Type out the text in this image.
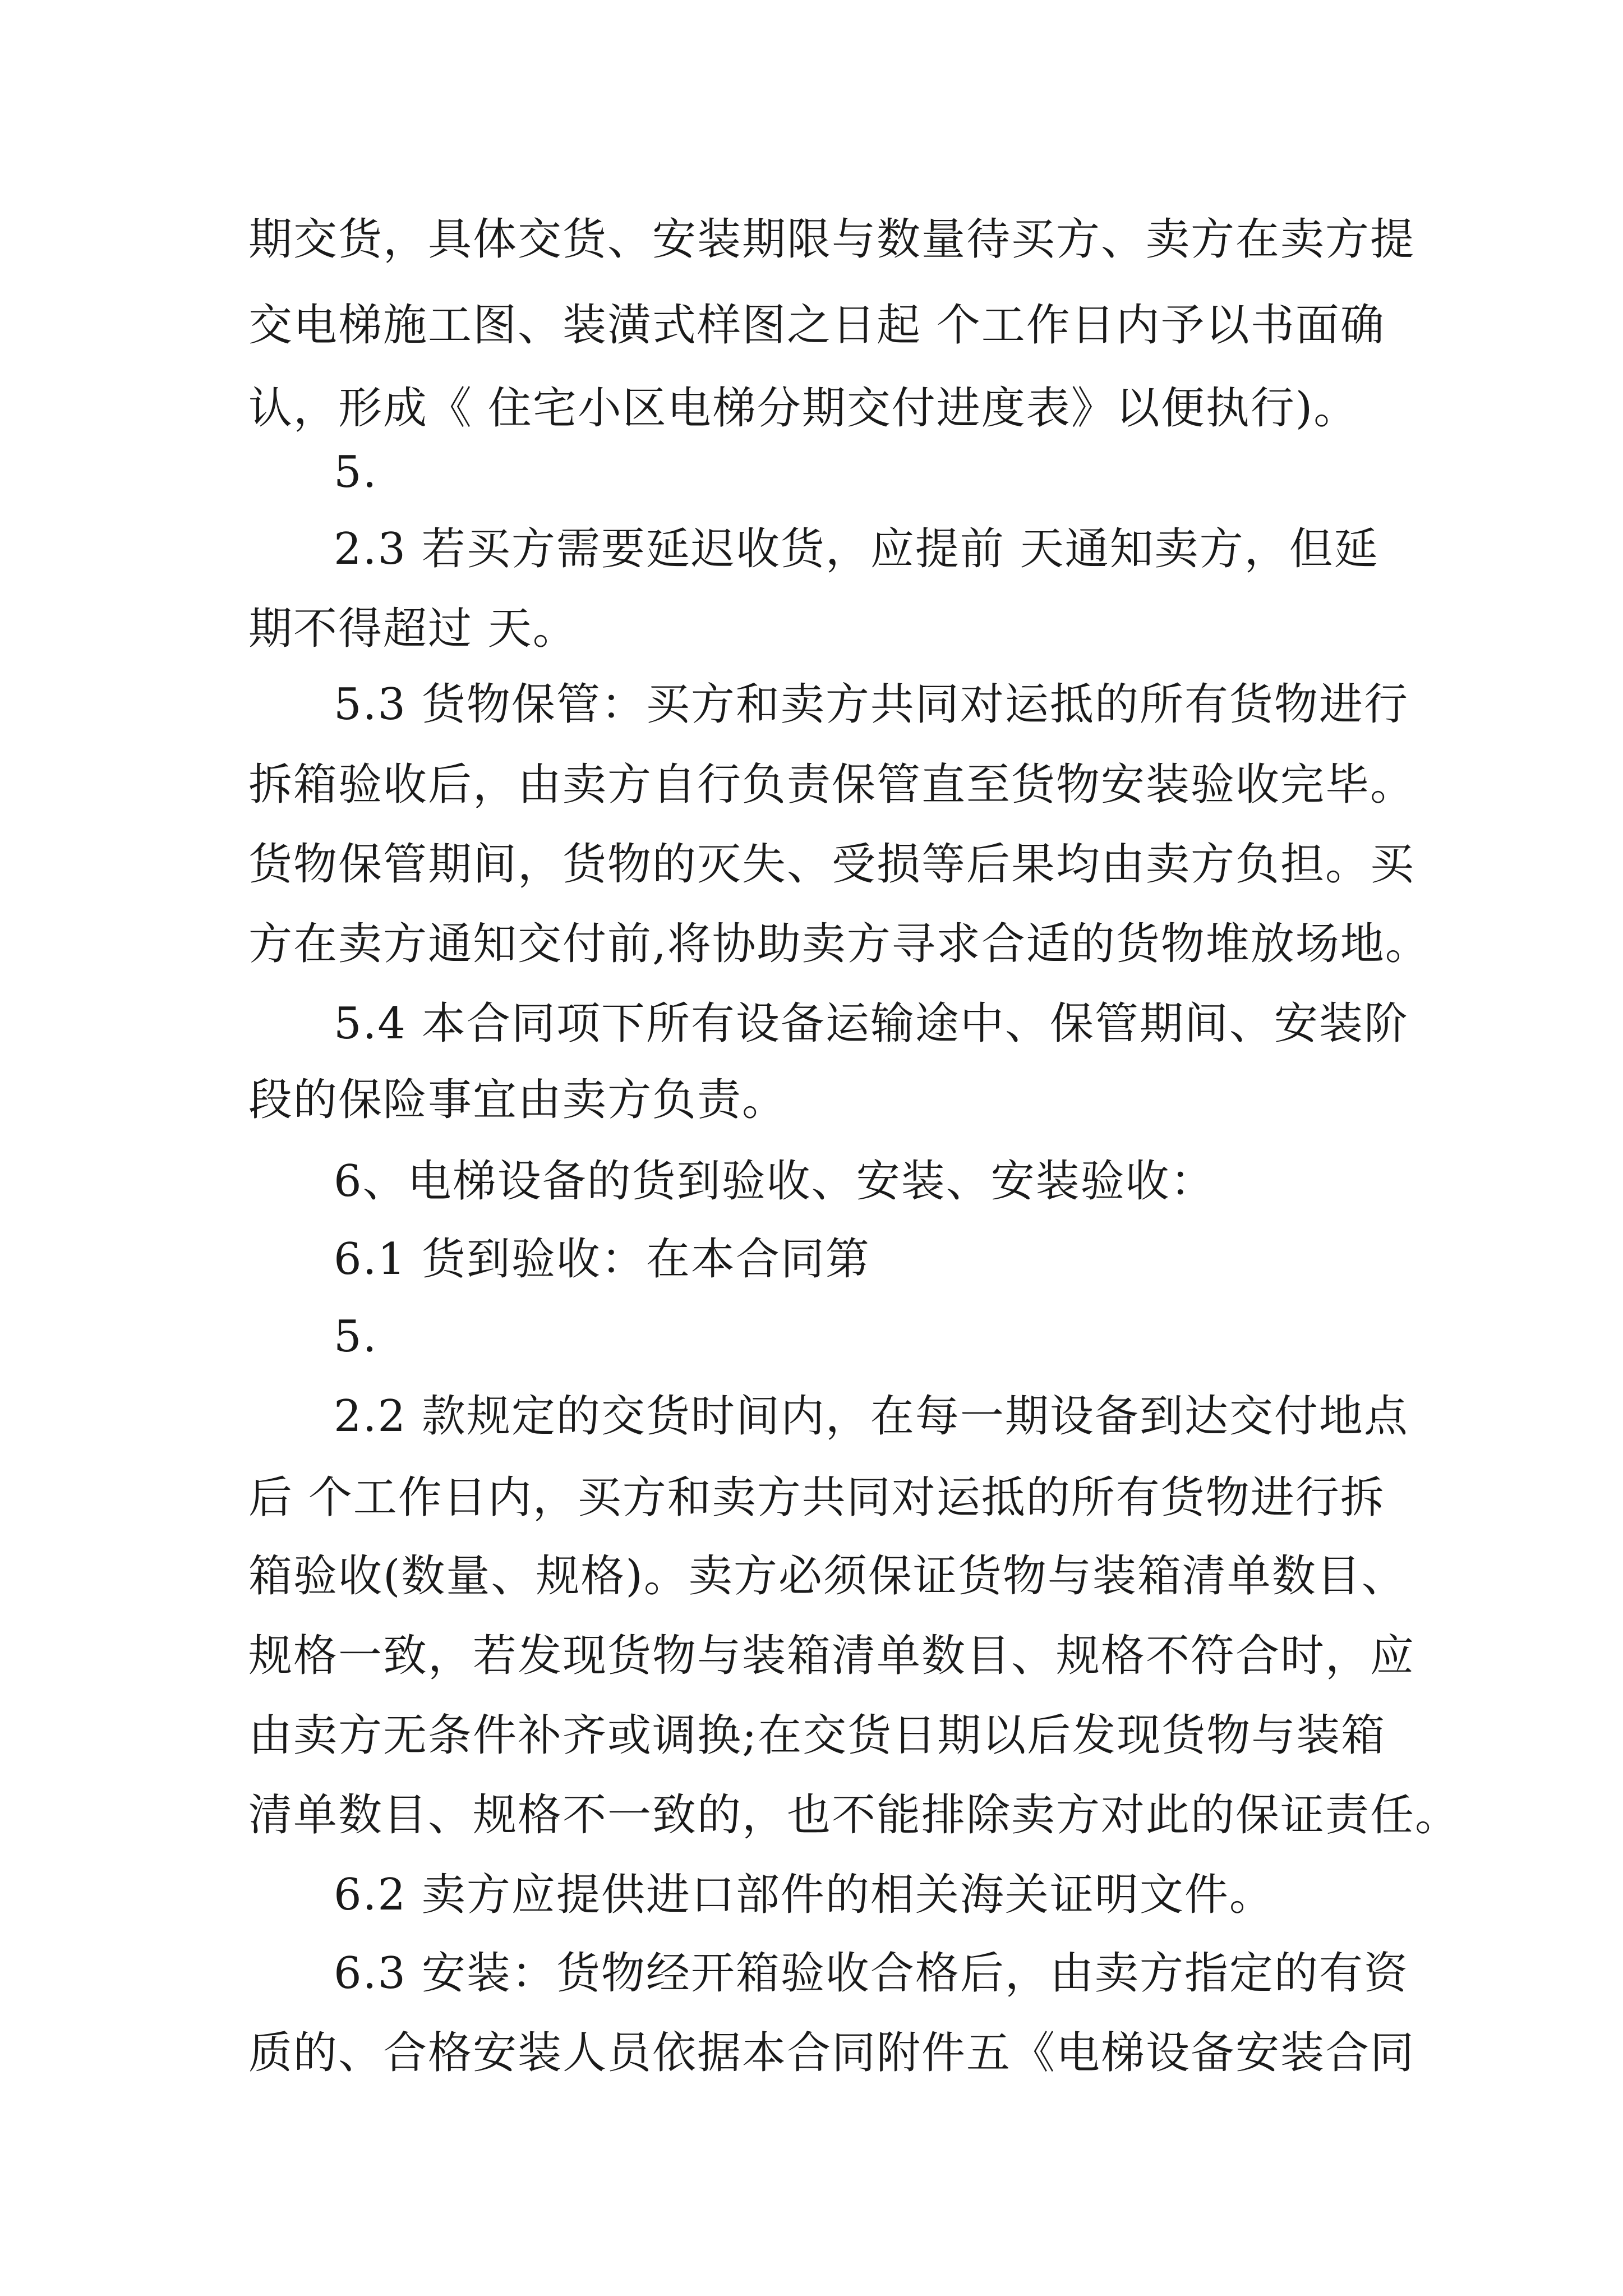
期交货，具体交货、安装期限与数量待买方、卖方在卖方提

交电梯施工图、装潢式样图之日起 个工作日内予以书面确

认，形成《 住宅小区电梯分期交付进度表》以便执行)。

5.

2.3 若买方需要延迟收货，应提前 天通知卖方，但延

期不得超过 天。

5.3 货物保管：买方和卖方共同对运抵的所有货物进行

拆箱验收后，由卖方自行负责保管直至货物安装验收完毕。

货物保管期间，货物的灭失、受损等后果均由卖方负担。买

方在卖方通知交付前,将协助卖方寻求合适的货物堆放场地。

5.4 本合同项下所有设备运输途中、保管期间、安装阶

段的保险事宜由卖方负责。

6、电梯设备的货到验收、安装、安装验收：

6.1 货到验收：在本合同第

5.

2.2 款规定的交货时间内，在每一期设备到达交付地点

后 个工作日内，买方和卖方共同对运抵的所有货物进行拆

箱验收(数量、规格)。卖方必须保证货物与装箱清单数目、

规格一致，若发现货物与装箱清单数目、规格不符合时，应

由卖方无条件补齐或调换;在交货日期以后发现货物与装箱

清单数目、规格不一致的，也不能排除卖方对此的保证责任。

6.2 卖方应提供进口部件的相关海关证明文件。

6.3 安装：货物经开箱验收合格后，由卖方指定的有资

质的、合格安装人员依据本合同附件五《电梯设备安装合同
